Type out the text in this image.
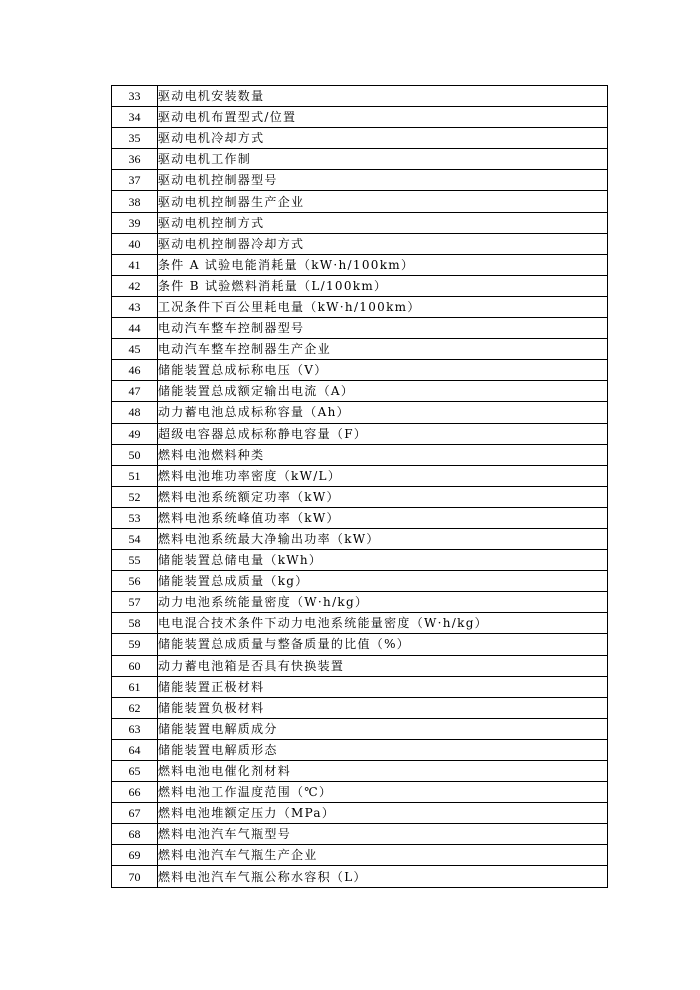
33	驱动电机安装数量
34	驱动电机布置型式/位置
35	驱动电机冷却方式
36	驱动电机工作制
37	驱动电机控制器型号
38	驱动电机控制器生产企业
39	驱动电机控制方式
40	驱动电机控制器冷却方式
41	条件 A 试验电能消耗量（kW·h/100km）
42	条件 B 试验燃料消耗量（L/100km）
43	工况条件下百公里耗电量（kW·h/100km）
44	电动汽车整车控制器型号
45	电动汽车整车控制器生产企业
46	储能装置总成标称电压（V）
47	储能装置总成额定输出电流（A）
48	动力蓄电池总成标称容量（Ah）
49	超级电容器总成标称静电容量（F）
50	燃料电池燃料种类
51	燃料电池堆功率密度（kW/L）
52	燃料电池系统额定功率（kW）
53	燃料电池系统峰值功率（kW）
54	燃料电池系统最大净输出功率（kW）
55	储能装置总储电量（kWh）
56	储能装置总成质量（kg）
57	动力电池系统能量密度（W·h/kg）
58	电电混合技术条件下动力电池系统能量密度（W·h/kg）
59	储能装置总成质量与整备质量的比值（%）
60	动力蓄电池箱是否具有快换装置
61	储能装置正极材料
62	储能装置负极材料
63	储能装置电解质成分
64	储能装置电解质形态
65	燃料电池电催化剂材料
66	燃料电池工作温度范围（℃）
67	燃料电池堆额定压力（MPa）
68	燃料电池汽车气瓶型号
69	燃料电池汽车气瓶生产企业
70	燃料电池汽车气瓶公称水容积（L）
